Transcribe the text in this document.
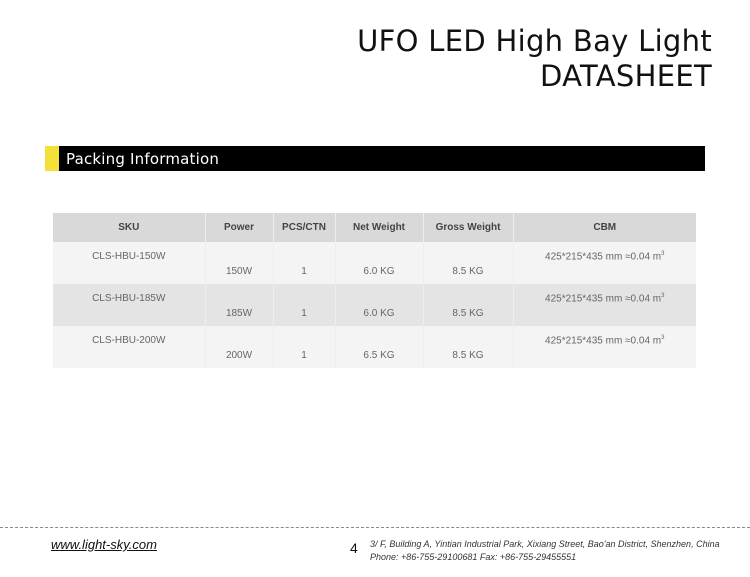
UFO LED High Bay Light
DATASHEET
Packing Information
SKU	Power	PCS/CTN	Net Weight	Gross Weight	CBM
CLS-HBU-150W	150W	1	6.0 KG	8.5 KG	425*215*435 mm ≈0.04 $m^3$
CLS-HBU-185W	185W	1	6.0 KG	8.5 KG	425*215*435 mm ≈0.04 $m^3$
CLS-HBU-200W	200W	1	6.5 KG	8.5 KG	425*215*435 mm ≈0.04 $m^3$
www.light-sky.com	4 3/ F, Building A, Yintian Industrial Park, Xixiang Street, Bao'an District, Shenzhen, China
Phone: +86-755-29100681 Fax: +86-755-29455551
